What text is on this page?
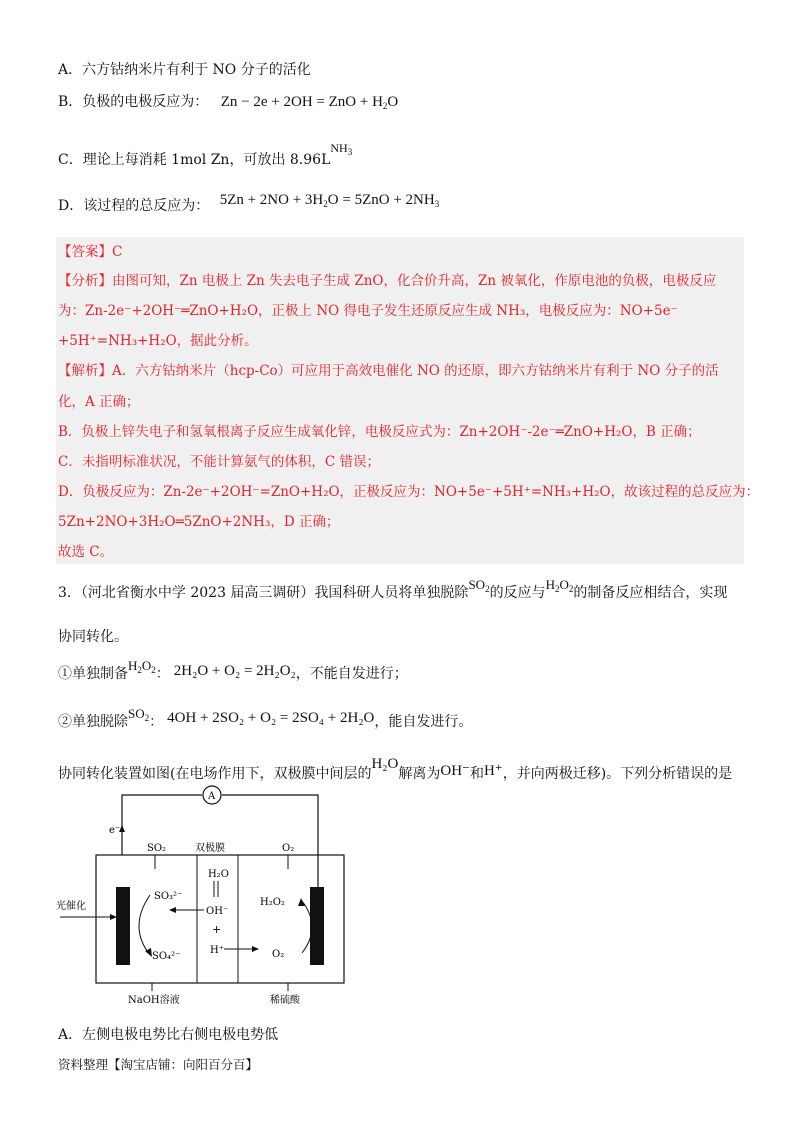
A．六方钴纳米片有利于 NO 分子的活化
B．负极的电极反应为： Zn − 2e + 2OH = ZnO + $H_2O$
C．理论上每消耗 1mol Zn，可放出 $8.96LNH_3$
D．该过程的总反应为： $5Zn + 2NO + 3H_2O = 5ZnO + 2NH_3$
【答案】C
【分析】由图可知，Zn 电极上 Zn 失去电子生成 ZnO，化合价升高，Zn 被氧化，作原电池的负极，电极反应
为：Zn-2e⁻+2OH⁻═ZnO+H₂O，正极上 NO 得电子发生还原反应生成 NH₃，电极反应为：NO+5e⁻
+5H⁺=NH₃+H₂O，据此分析。
【解析】A．六方钴纳米片（hcp-Co）可应用于高效电催化 NO 的还原，即六方钴纳米片有利于 NO 分子的活
化，A 正确；
B．负极上锌失电子和氢氧根离子反应生成氧化锌，电极反应式为：Zn+2OH⁻-2e⁻═ZnO+H₂O，B 正确；
C．未指明标准状况，不能计算氨气的体积，C 错误；
D．负极反应为：Zn-2e⁻+2OH⁻=ZnO+H₂O，正极反应为：NO+5e⁻+5H⁺=NH₃+H₂O，故该过程的总反应为：
5Zn+2NO+3H₂O═5ZnO+2NH₃，D 正确；
故选 C。
3．（河北省衡水中学 2023 届高三调研）我国科研人员将单独脱除$SO_2$的反应与$H_2O_2$的制备反应相结合，实现
协同转化。
①单独制备$H_2O_2$： 2H₂O + O₂ = 2H₂O₂，不能自发进行；
②单独脱除$SO_2$： 4OH + 2SO₂ + O₂ = 2SO₄ + 2H₂O，能自发进行。
协同转化装置如图(在电场作用下，双极膜中间层的H₂O解离为OH⁻和H⁺，并向两极迁移)。下列分析错误的是
A
e⁻
双极膜
SO₂	O₂
SO₃²⁻
SO₄²⁻
H₂O
OH⁻
+
H⁺
H₂O₂
O₂
光催化
NaOH溶液	稀硫酸
A．左侧电极电势比右侧电极电势低
资料整理【淘宝店铺：向阳百分百】
